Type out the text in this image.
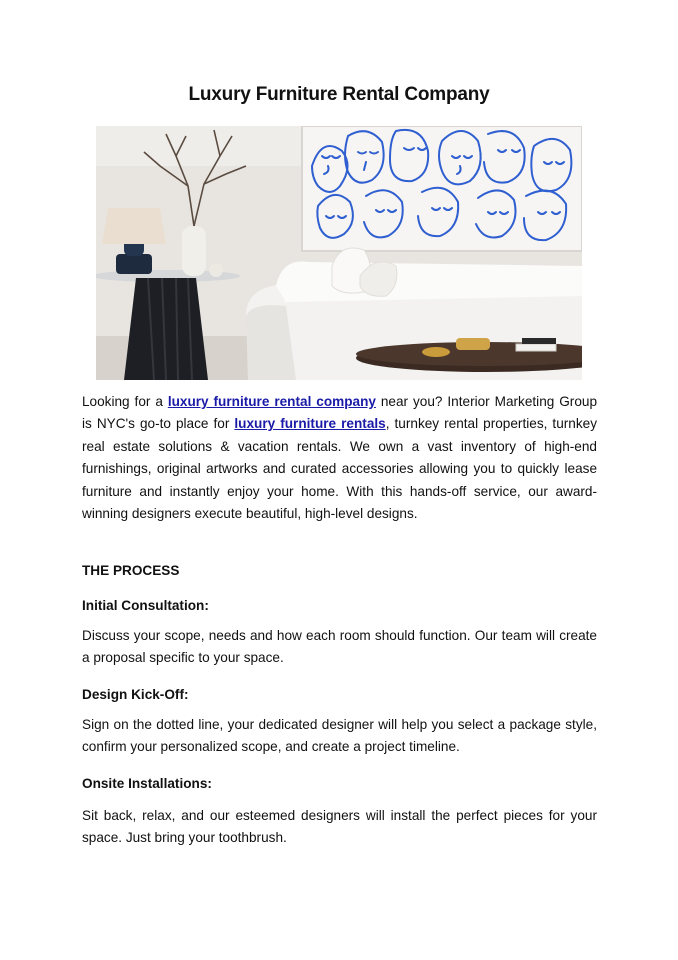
Luxury Furniture Rental Company
Looking for a luxury furniture rental company near you? Interior Marketing Group is NYC's go-to place for luxury furniture rentals, turnkey rental properties, turnkey real estate solutions & vacation rentals. We own a vast inventory of high-end furnishings, original artworks and curated accessories allowing you to quickly lease furniture and instantly enjoy your home. With this hands-off service, our award-winning designers execute beautiful, high-level designs.
THE PROCESS
Initial Consultation:
Discuss your scope, needs and how each room should function. Our team will create a proposal specific to your space.
Design Kick-Off:
Sign on the dotted line, your dedicated designer will help you select a package style, confirm your personalized scope, and create a project timeline.
Onsite Installations:
Sit back, relax, and our esteemed designers will install the perfect pieces for your space. Just bring your toothbrush.
